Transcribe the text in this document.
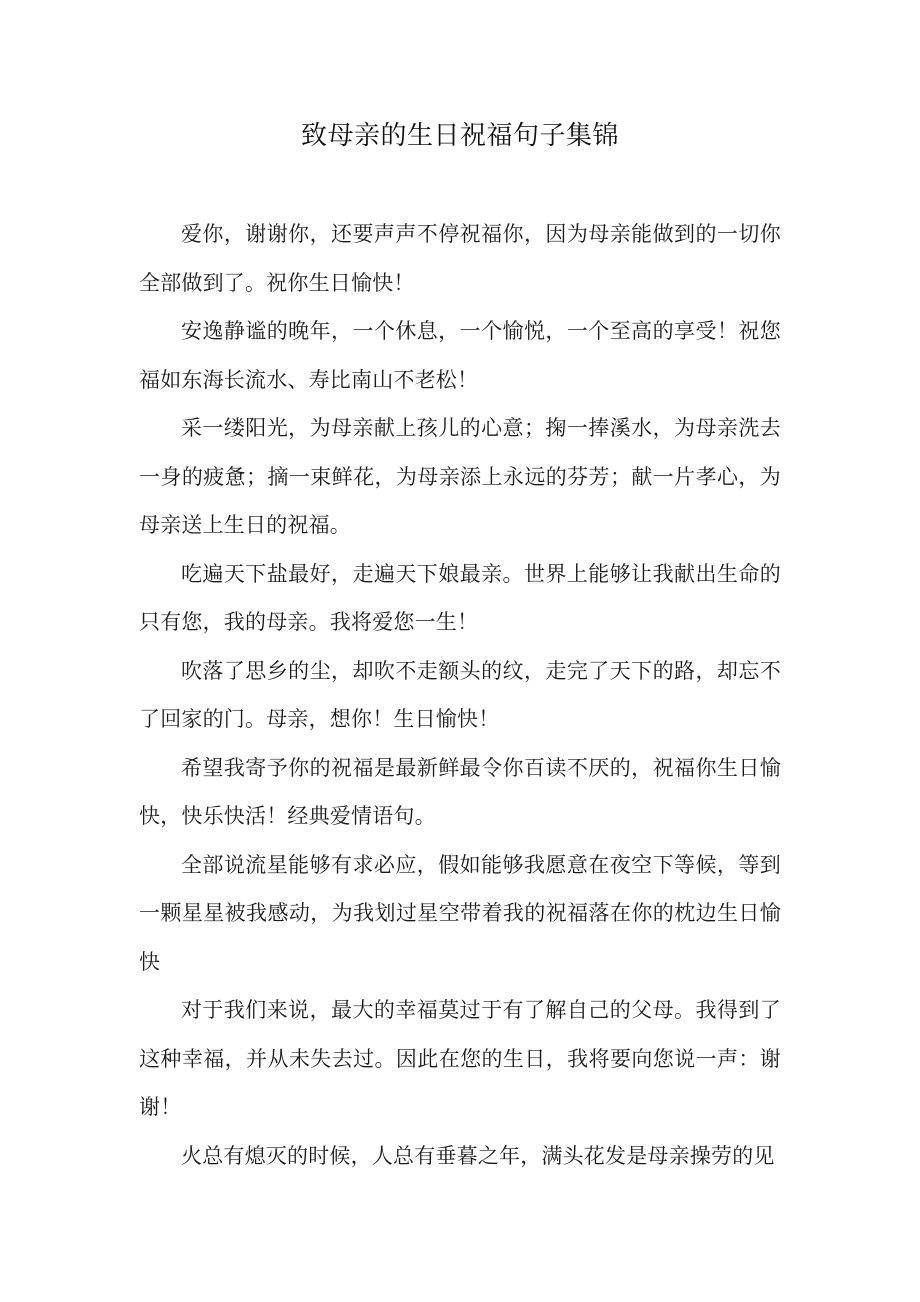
致母亲的生日祝福句子集锦

爱你，谢谢你，还要声声不停祝福你，因为母亲能做到的一切你全部做到了。祝你生日愉快！

安逸静谧的晚年，一个休息，一个愉悦，一个至高的享受！祝您福如东海长流水、寿比南山不老松！

采一缕阳光，为母亲献上孩儿的心意；掬一捧溪水，为母亲洗去一身的疲惫；摘一束鲜花，为母亲添上永远的芬芳；献一片孝心，为母亲送上生日的祝福。

吃遍天下盐最好，走遍天下娘最亲。世界上能够让我献出生命的只有您，我的母亲。我将爱您一生！

吹落了思乡的尘，却吹不走额头的纹，走完了天下的路，却忘不了回家的门。母亲，想你！生日愉快！

希望我寄予你的祝福是最新鲜最令你百读不厌的，祝福你生日愉快，快乐快活！经典爱情语句。

全部说流星能够有求必应，假如能够我愿意在夜空下等候，等到一颗星星被我感动，为我划过星空带着我的祝福落在你的枕边生日愉快

对于我们来说，最大的幸福莫过于有了解自己的父母。我得到了这种幸福，并从未失去过。因此在您的生日，我将要向您说一声：谢谢！

火总有熄灭的时候，人总有垂暮之年，满头花发是母亲操劳的见
